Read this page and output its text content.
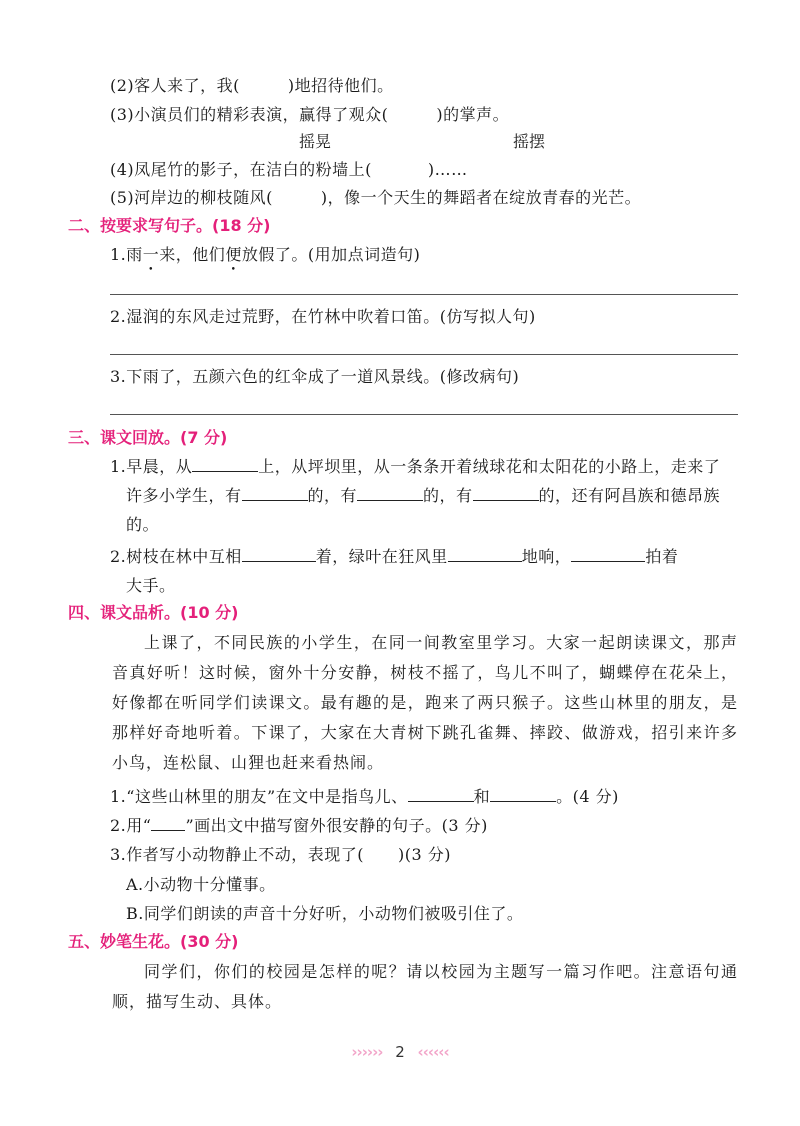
(2)客人来了，我(	)地招待他们。
(3)小演员们的精彩表演，赢得了观众(	)的掌声。
摇晃	摇摆
(4)凤尾竹的影子，在洁白的粉墙上(	)……
(5)河岸边的柳枝随风(	)，像一个天生的舞蹈者在绽放青春的光芒。
二、按要求写句子。(18 分)
1.雨一来，他们便放假了。(用加点词造句)
2.湿润的东风走过荒野，在竹林中吹着口笛。(仿写拟人句)
3.下雨了，五颜六色的红伞成了一道风景线。(修改病句)
三、课文回放。(7 分)
1.早晨，从	上，从坪坝里，从一条条开着绒球花和太阳花的小路上，走来了
许多小学生，有	的，有	的，有	的，还有阿昌族和德昂族
的。
2.树枝在林中互相	着，绿叶在狂风里	地响，	拍着
大手。
四、课文品析。(10 分)
上课了，不同民族的小学生，在同一间教室里学习。大家一起朗读课文，那声音真好听！这时候，窗外十分安静，树枝不摇了，鸟儿不叫了，蝴蝶停在花朵上，好像都在听同学们读课文。最有趣的是，跑来了两只猴子。这些山林里的朋友，是那样好奇地听着。下课了，大家在大青树下跳孔雀舞、摔跤、做游戏，招引来许多小鸟，连松鼠、山狸也赶来看热闹。
1.“这些山林里的朋友”在文中是指鸟儿、	和	。(4 分)
2.用“ ”画出文中描写窗外很安静的句子。(3 分)
3.作者写小动物静止不动，表现了( )(3 分)
A.小动物十分懂事。
B.同学们朗读的声音十分好听，小动物们被吸引住了。
五、妙笔生花。(30 分)
同学们，你们的校园是怎样的呢？请以校园为主题写一篇习作吧。注意语句通顺，描写生动、具体。
›››››› 2 ‹‹‹‹‹‹
